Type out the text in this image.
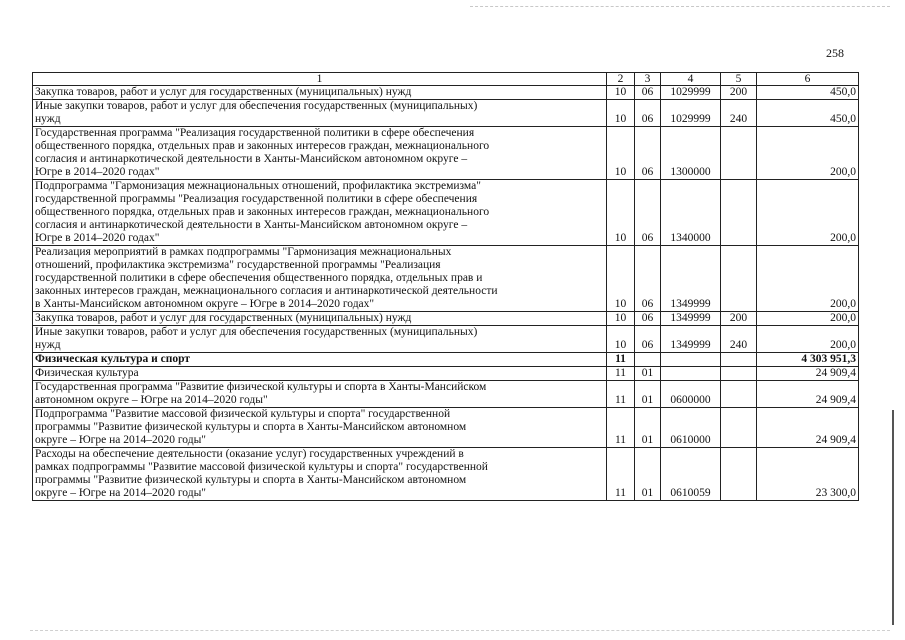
258
1	2	3	4	5	6
Закупка товаров, работ и услуг для государственных (муниципальных) нужд	10	06	1029999	200	450,0
Иные закупки товаров, работ и услуг для обеспечения государственных (муниципальных)
нужд	10	06	1029999	240	450,0
Государственная программа "Реализация государственной политики в сфере обеспечения
общественного порядка, отдельных прав и законных интересов граждан, межнационального
согласия и антинаркотической деятельности в Ханты-Мансийском автономном округе –
Югре в 2014–2020 годах"	10	06	1300000		200,0
Подпрограмма "Гармонизация межнациональных отношений, профилактика экстремизма"
государственной программы "Реализация государственной политики в сфере обеспечения
общественного порядка, отдельных прав и законных интересов граждан, межнационального
согласия и антинаркотической деятельности в Ханты-Мансийском автономном округе –
Югре в 2014–2020 годах"	10	06	1340000		200,0
Реализация мероприятий в рамках подпрограммы "Гармонизация межнациональных
отношений, профилактика экстремизма" государственной программы "Реализация
государственной политики в сфере обеспечения общественного порядка, отдельных прав и
законных интересов граждан, межнационального согласия и антинаркотической деятельности
в Ханты-Мансийском автономном округе – Югре в 2014–2020 годах"	10	06	1349999		200,0
Закупка товаров, работ и услуг для государственных (муниципальных) нужд	10	06	1349999	200	200,0
Иные закупки товаров, работ и услуг для обеспечения государственных (муниципальных)
нужд	10	06	1349999	240	200,0
Физическая культура и спорт	11				4 303 951,3
Физическая культура	11	01			24 909,4
Государственная программа "Развитие физической культуры и спорта в Ханты-Мансийском
автономном округе – Югре на 2014–2020 годы"	11	01	0600000		24 909,4
Подпрограмма "Развитие массовой физической культуры и спорта" государственной
программы "Развитие физической культуры и спорта в Ханты-Мансийском автономном
округе – Югре на 2014–2020 годы"	11	01	0610000		24 909,4
Расходы на обеспечение деятельности (оказание услуг) государственных учреждений в
рамках подпрограммы "Развитие массовой физической культуры и спорта" государственной
программы "Развитие физической культуры и спорта в Ханты-Мансийском автономном
округе – Югре на 2014–2020 годы"	11	01	0610059		23 300,0
